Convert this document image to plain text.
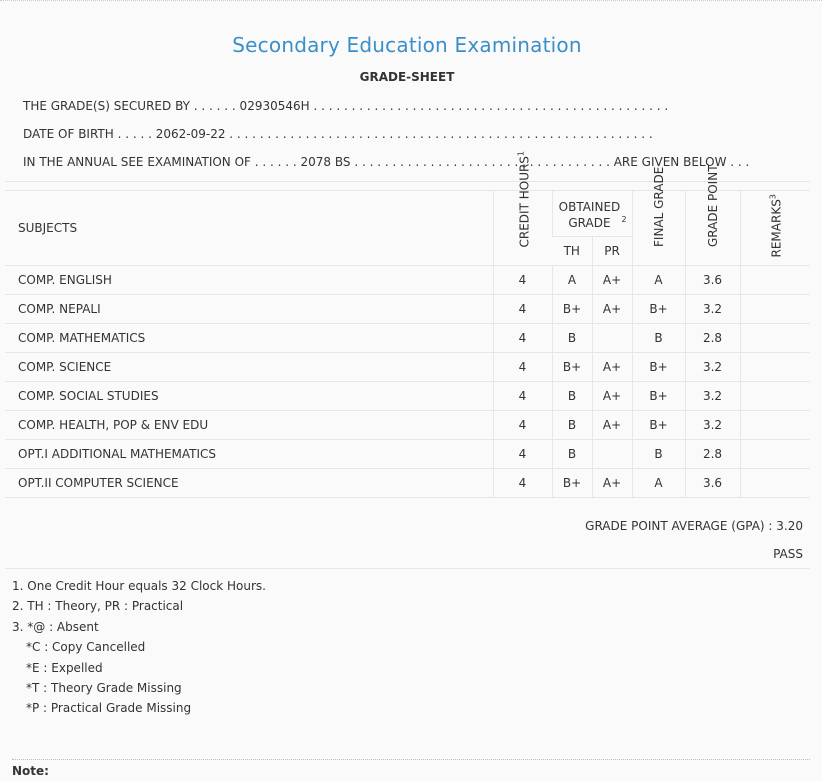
Secondary Education Examination
GRADE-SHEET
THE GRADE(S) SECURED BY . . . . . . 02930546H . . . . . . . . . . . . . . . . . . . . . . . . . . . . . . . . . . . . . . . . . . . . . . .
DATE OF BIRTH . . . . . 2062-09-22 . . . . . . . . . . . . . . . . . . . . . . . . . . . . . . . . . . . . . . . . . . . . . . . . . . . . . . . .
IN THE ANNUAL SEE EXAMINATION OF . . . . . . 2078 BS . . . . . . . . . . . . . . . . . . . . . . . . . . . . . . . . . . ARE GIVEN BELOW . . .
SUBJECTS	CREDIT HOURS$^1$	OBTAINED GRADE $^2$		FINAL GRADE	GRADE POINT	REMARKS$^3$
		TH	PR			
COMP. ENGLISH	4	A	A+	A	3.6	
COMP. NEPALI	4	B+	A+	B+	3.2	
COMP. MATHEMATICS	4	B		B	2.8	
COMP. SCIENCE	4	B+	A+	B+	3.2	
COMP. SOCIAL STUDIES	4	B	A+	B+	3.2	
COMP. HEALTH, POP & ENV EDU	4	B	A+	B+	3.2	
OPT.I ADDITIONAL MATHEMATICS	4	B		B	2.8	
OPT.II COMPUTER SCIENCE	4	B+	A+	A	3.6	
GRADE POINT AVERAGE (GPA) : 3.20
PASS
1. One Credit Hour equals 32 Clock Hours.
2. TH : Theory, PR : Practical
3. *@ : Absent
*C : Copy Cancelled
*E : Expelled
*T : Theory Grade Missing
*P : Practical Grade Missing
Note:
